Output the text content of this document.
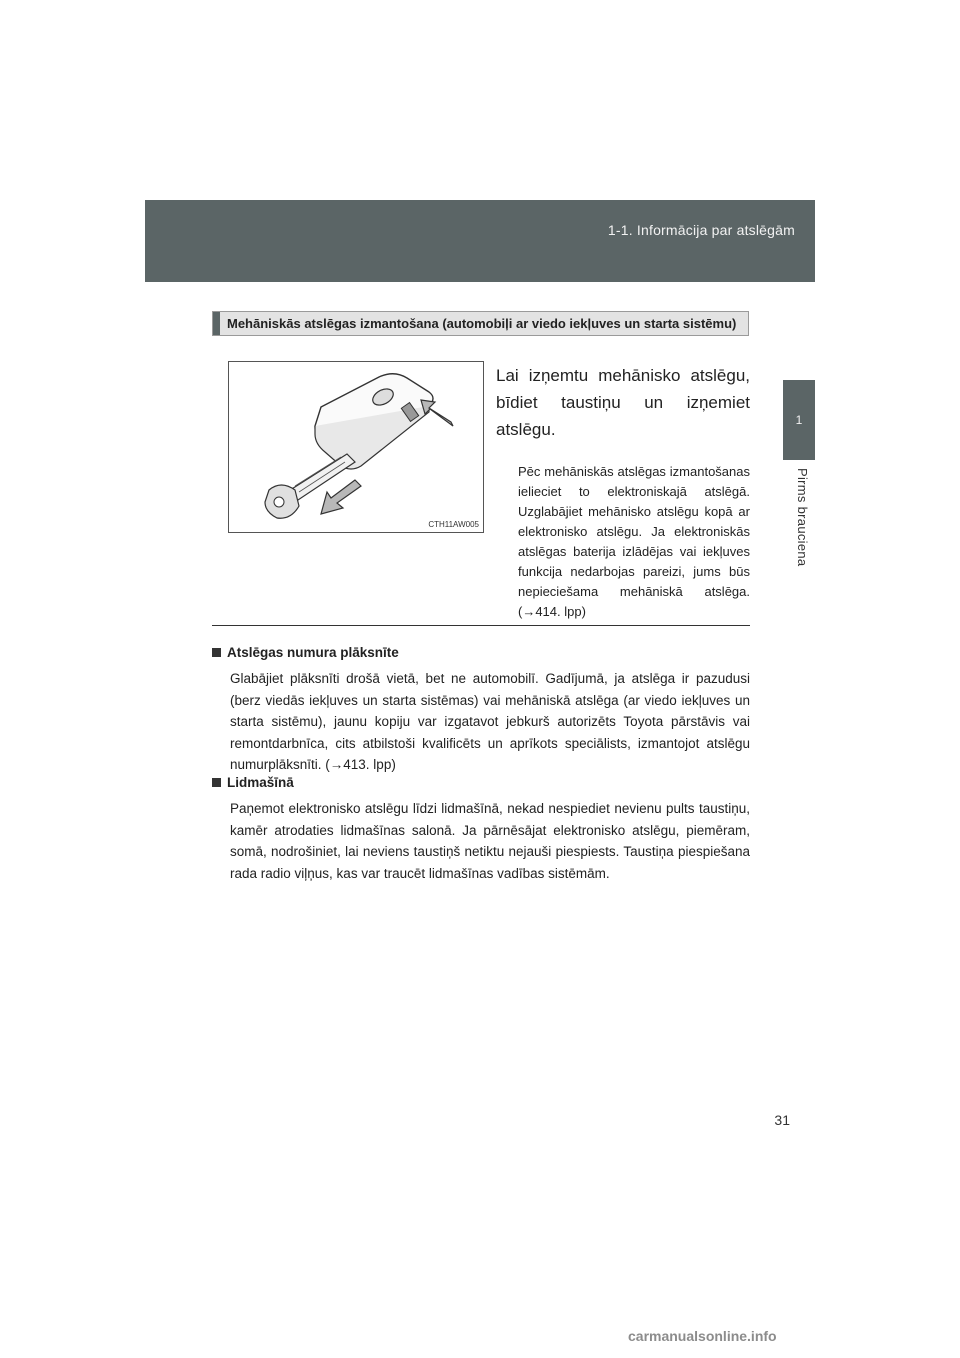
1-1. Informācija par atslēgām
1
Pirms brauciena
Mehāniskās atslēgas izmantošana (automobiļi ar viedo iekļuves un starta sistēmu)
CTH11AW005
Lai izņemtu mehānisko atslēgu, bīdiet taustiņu un izņemiet atslēgu.
Pēc mehāniskās atslēgas izmantošanas ielieciet to elektroniskajā atslēgā. Uzglabājiet mehānisko atslēgu kopā ar elektronisko atslēgu. Ja elektroniskās atslēgas baterija izlādējas vai iekļuves funkcija nedarbojas pareizi, jums būs nepieciešama mehāniskā atslēga. (→414. lpp)
Atslēgas numura plāksnīte
Glabājiet plāksnīti drošā vietā, bet ne automobilī. Gadījumā, ja atslēga ir pazudusi (berz viedās iekļuves un starta sistēmas) vai mehāniskā atslēga (ar viedo iekļuves un starta sistēmu), jaunu kopiju var izgatavot jebkurš autorizēts Toyota pārstāvis vai remontdarbnīca, cits atbilstoši kvalificēts un aprīkots speciālists, izmantojot atslēgu numurplāksnīti. (→413. lpp)
Lidmašīnā
Paņemot elektronisko atslēgu līdzi lidmašīnā, nekad nespiediet nevienu pults taustiņu, kamēr atrodaties lidmašīnas salonā. Ja pārnēsājat elektronisko atslēgu, piemēram, somā, nodrošiniet, lai neviens taustiņš netiktu nejauši piespiests. Taustiņa piespiešana rada radio viļņus, kas var traucēt lidmašīnas vadības sistēmām.
31
carmanualsonline.info
